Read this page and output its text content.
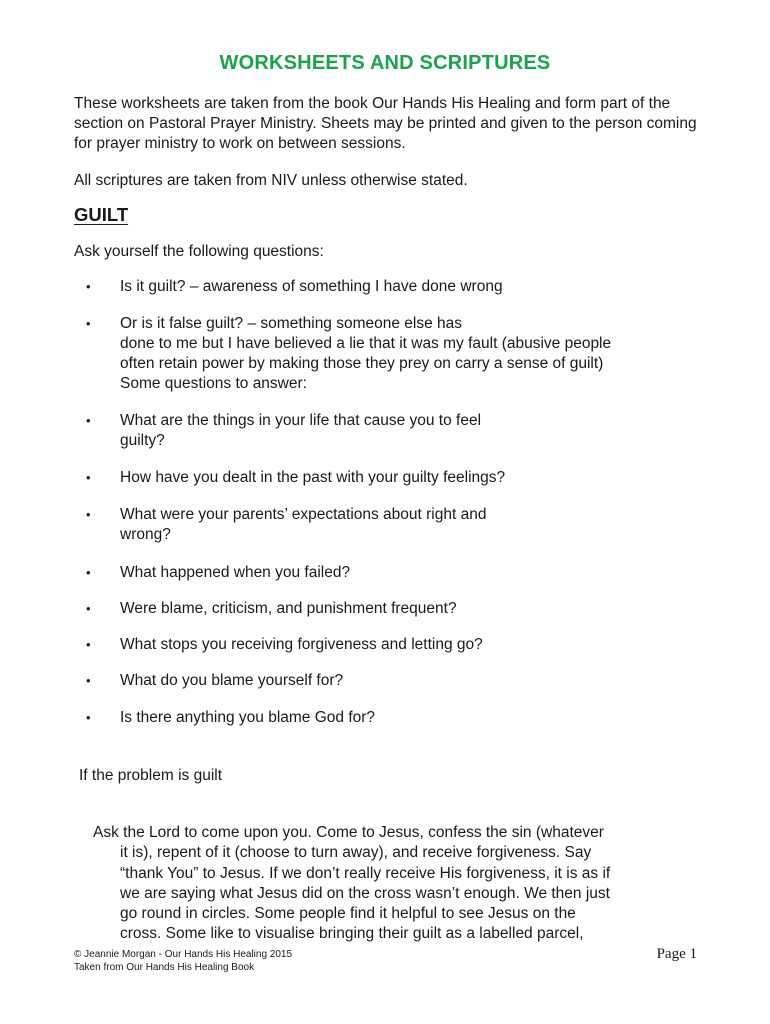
WORKSHEETS AND SCRIPTURES
These worksheets are taken from the book Our Hands His Healing and form part of the section on Pastoral Prayer Ministry. Sheets may be printed and given to the person coming for prayer ministry to work on between sessions.
All scriptures are taken from NIV unless otherwise stated.
GUILT
Ask yourself the following questions:
• Is it guilt? – awareness of something I have done wrong
• Or is it false guilt? – something someone else has
done to me but I have believed a lie that it was my fault (abusive people
often retain power by making those they prey on carry a sense of guilt)
Some questions to answer:
• What are the things in your life that cause you to feel
guilty?
• How have you dealt in the past with your guilty feelings?
• What were your parents’ expectations about right and
wrong?
• What happened when you failed?
• Were blame, criticism, and punishment frequent?
• What stops you receiving forgiveness and letting go?
• What do you blame yourself for?
• Is there anything you blame God for?
If the problem is guilt
Ask the Lord to come upon you. Come to Jesus, confess the sin (whatever
it is), repent of it (choose to turn away), and receive forgiveness. Say
“thank You” to Jesus. If we don’t really receive His forgiveness, it is as if
we are saying what Jesus did on the cross wasn’t enough. We then just
go round in circles. Some people find it helpful to see Jesus on the
cross. Some like to visualise bringing their guilt as a labelled parcel,
© Jeannie Morgan - Our Hands His Healing 2015
Taken from Our Hands His Healing Book
Page 1
